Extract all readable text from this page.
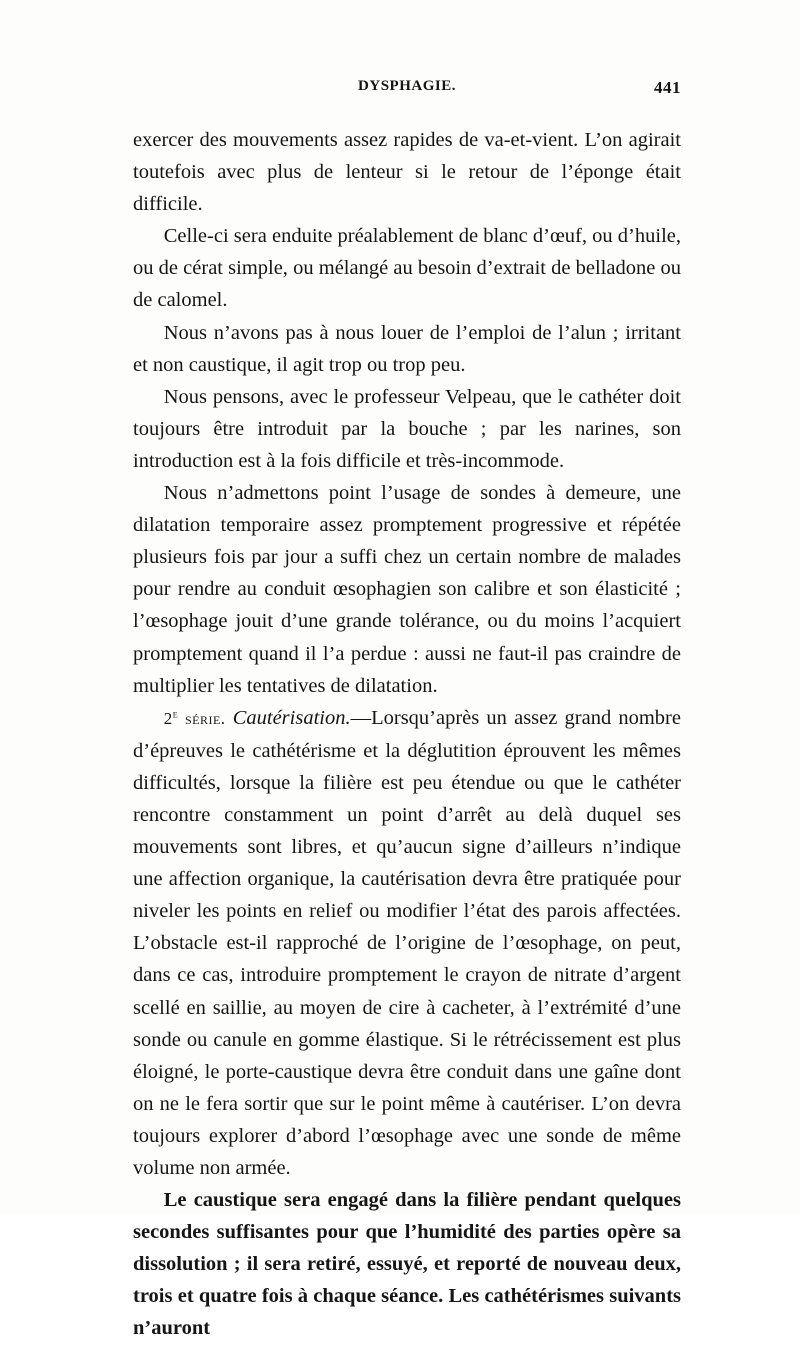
DYSPHAGIE.	441

exercer des mouvements assez rapides de va-et-vient. L’on agirait toutefois avec plus de lenteur si le retour de l’éponge était difficile.

Celle-ci sera enduite préalablement de blanc d’œuf, ou d’huile, ou de cérat simple, ou mélangé au besoin d’extrait de belladone ou de calomel.

Nous n’avons pas à nous louer de l’emploi de l’alun ; irritant et non caustique, il agit trop ou trop peu.

Nous pensons, avec le professeur Velpeau, que le cathéter doit toujours être introduit par la bouche ; par les narines, son introduction est à la fois difficile et très-incommode.

Nous n’admettons point l’usage de sondes à demeure, une dilatation temporaire assez promptement progressive et répétée plusieurs fois par jour a suffi chez un certain nombre de malades pour rendre au conduit œsophagien son calibre et son élasticité ; l’œsophage jouit d’une grande tolérance, ou du moins l’acquiert promptement quand il l’a perdue : aussi ne faut-il pas craindre de multiplier les tentatives de dilatation.

2e série. Cautérisation.—Lorsqu’après un assez grand nombre d’épreuves le cathétérisme et la déglutition éprouvent les mêmes difficultés, lorsque la filière est peu étendue ou que le cathéter rencontre constamment un point d’arrêt au delà duquel ses mouvements sont libres, et qu’aucun signe d’ailleurs n’indique une affection organique, la cautérisation devra être pratiquée pour niveler les points en relief ou modifier l’état des parois affectées. L’obstacle est-il rapproché de l’origine de l’œsophage, on peut, dans ce cas, introduire promptement le crayon de nitrate d’argent scellé en saillie, au moyen de cire à cacheter, à l’extrémité d’une sonde ou canule en gomme élastique. Si le rétrécissement est plus éloigné, le porte-caustique devra être conduit dans une gaîne dont on ne le fera sortir que sur le point même à cautériser. L’on devra toujours explorer d’abord l’œsophage avec une sonde de même volume non armée.

Le caustique sera engagé dans la filière pendant quelques secondes suffisantes pour que l’humidité des parties opère sa dissolution ; il sera retiré, essuyé, et reporté de nouveau deux, trois et quatre fois à chaque séance. Les cathétérismes suivants n’auront
